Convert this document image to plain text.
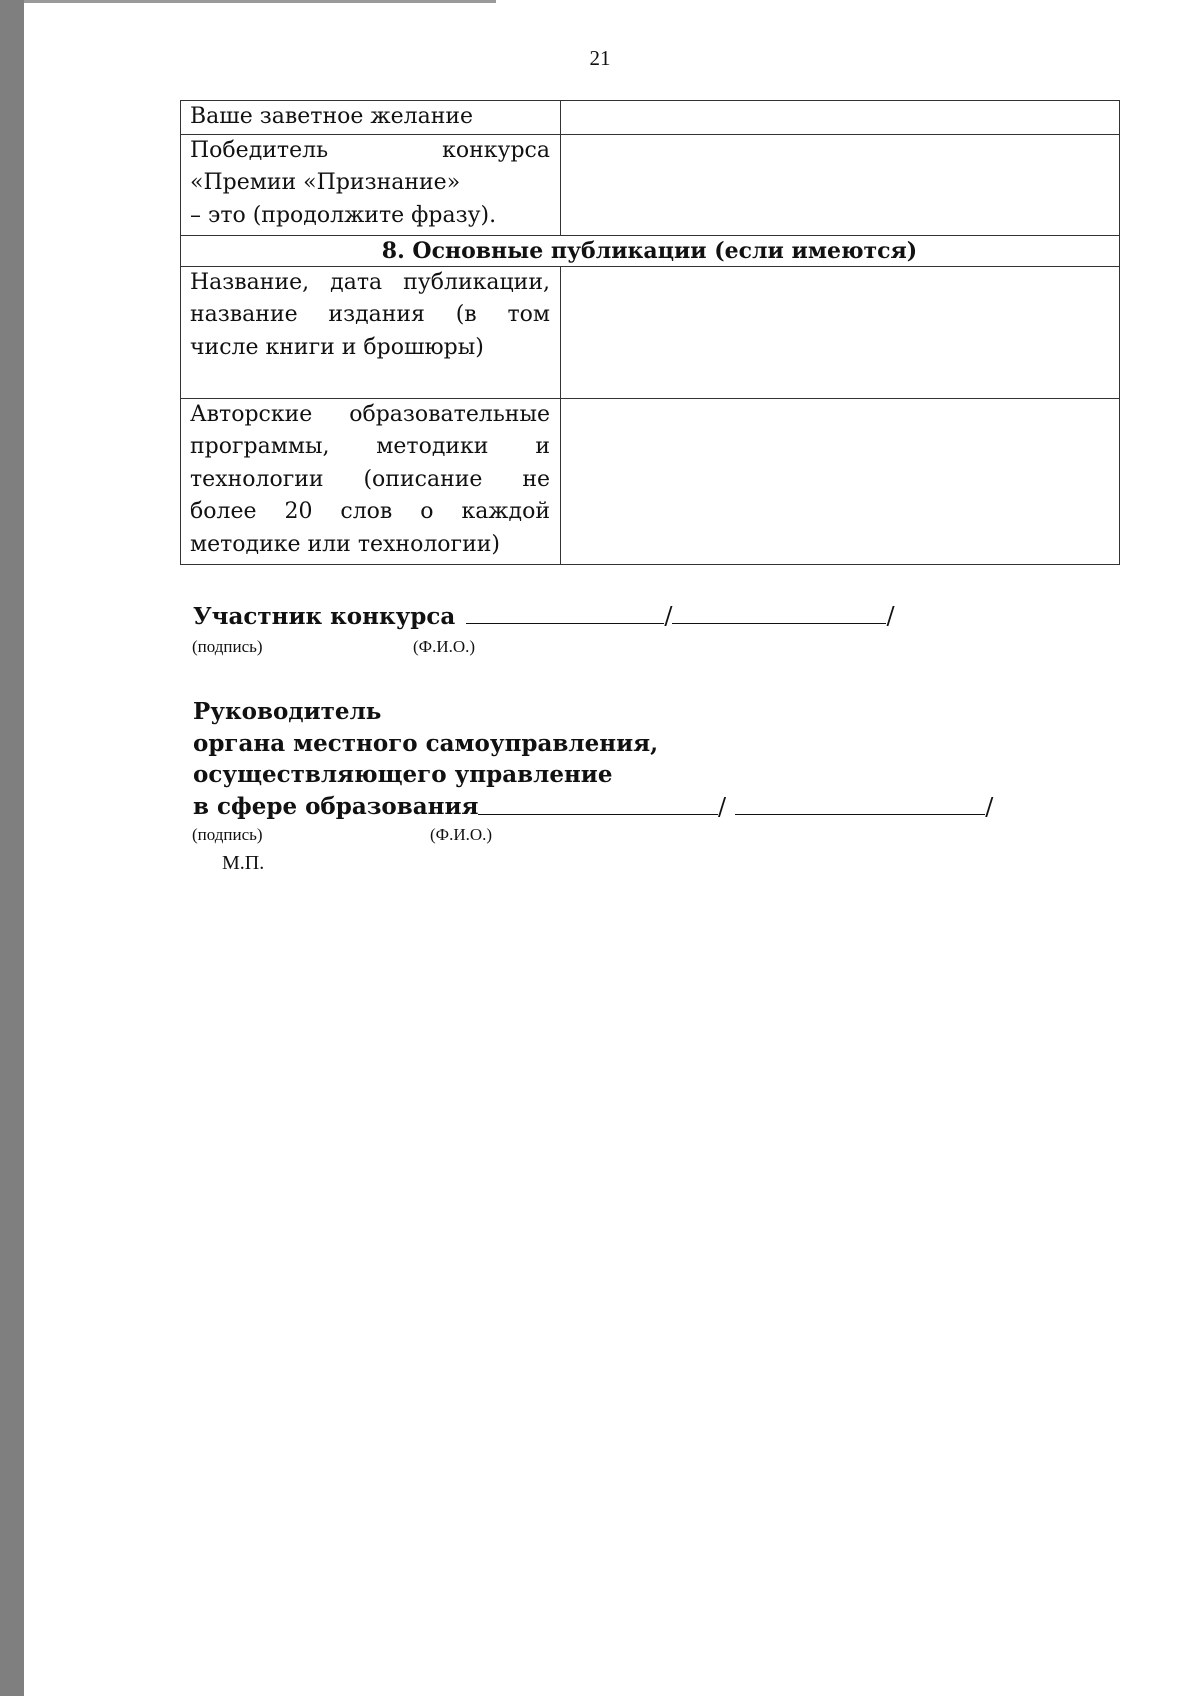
21
Ваше заветное желание	

Победитель конкурса
«Премии «Признание»
– это (продолжите фразу).	

8. Основные публикации (если имеются)	
Название, дата публикации, название издания (в том числе книги и брошюры)	
Авторские образовательные программы, методики и технологии (описание не более 20 слов о каждой методике или технологии)	
Участник конкурса	/	/
(подпись)	(Ф.И.О.)
Руководитель
органа местного самоуправления,
осуществляющего управление
в сфере образования	/	/
(подпись)	(Ф.И.О.)
М.П.
